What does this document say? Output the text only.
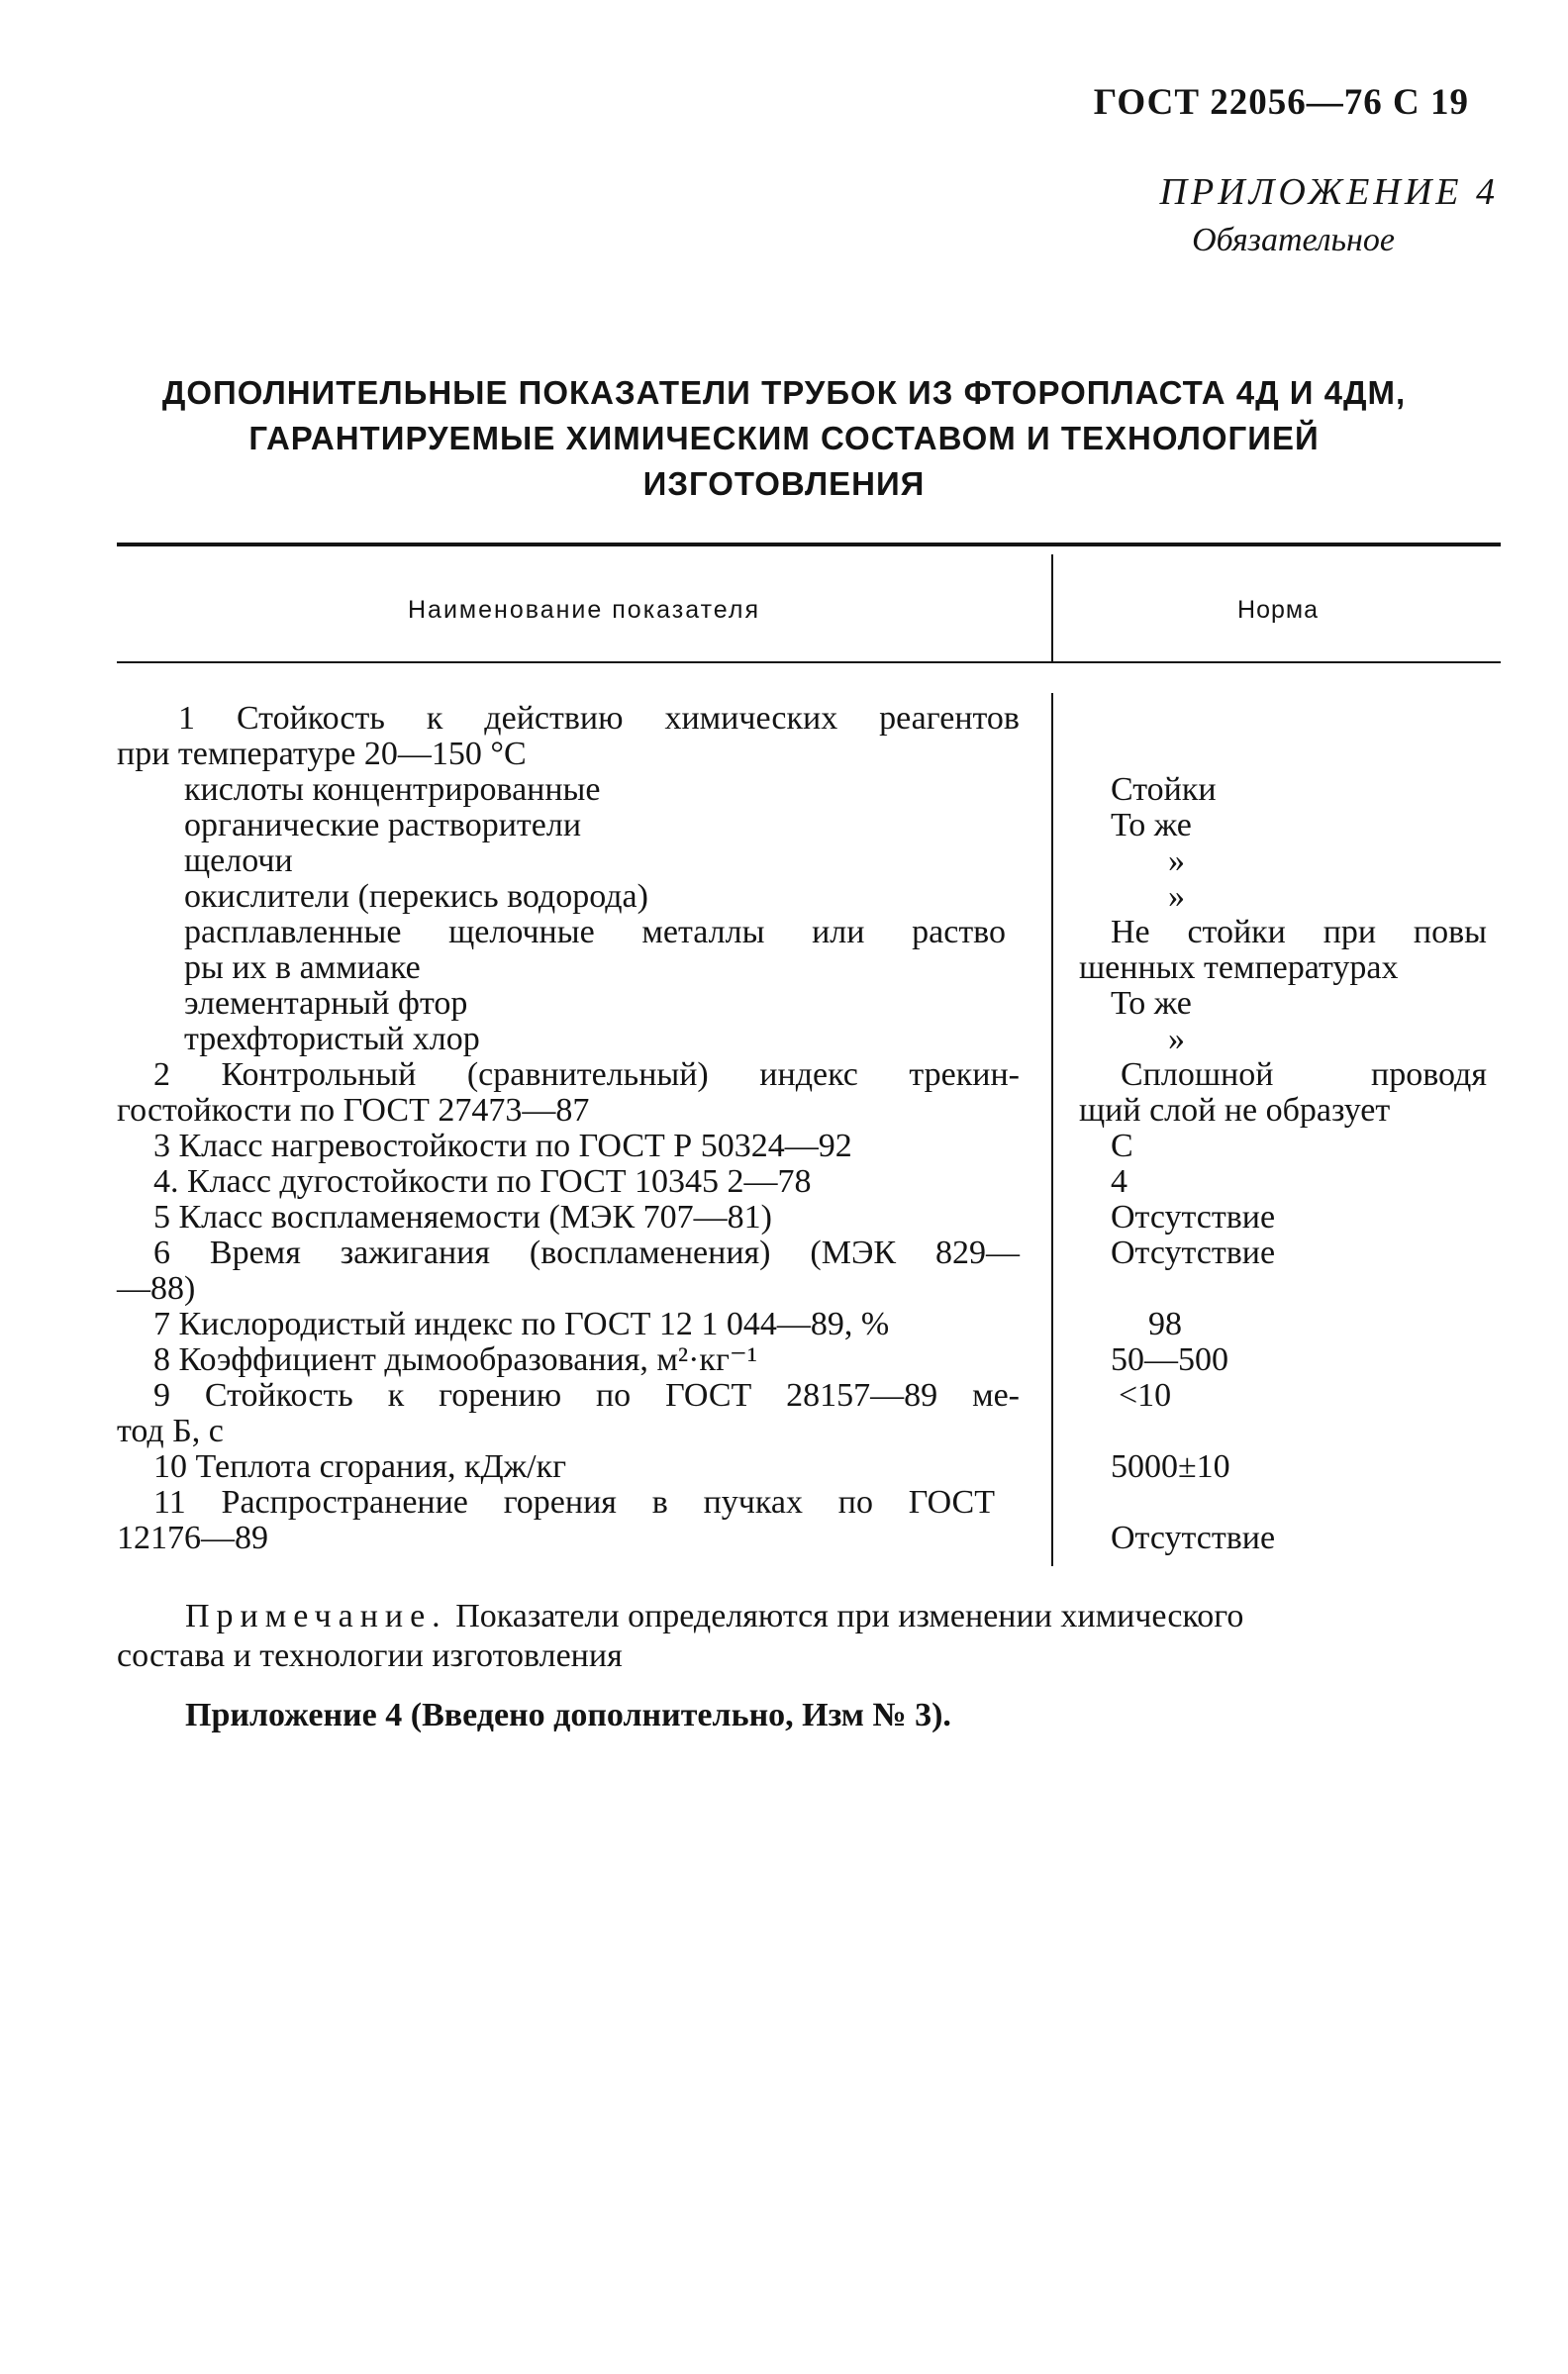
ГОСТ 22056—76 С 19
ПРИЛОЖЕНИЕ 4
Обязательное
ДОПОЛНИТЕЛЬНЫЕ ПОКАЗАТЕЛИ ТРУБОК ИЗ ФТОРОПЛАСТА 4Д И 4ДМ,
ГАРАНТИРУЕМЫЕ ХИМИЧЕСКИМ СОСТАВОМ И ТЕХНОЛОГИЕЙ
ИЗГОТОВЛЕНИЯ
Наименование показателя	Норма
1 Стойкость к действию химических реагентов
при температуре 20—150 °С
кислоты концентрированные
органические растворители
щелочи
окислители (перекись водорода)
расплавленные щелочные металлы или раство
ры их в аммиаке
элементарный фтор
трехфтористый хлор
2 Контрольный (сравнительный) индекс трекин-
гостойкости по ГОСТ 27473—87
3 Класс нагревостойкости по ГОСТ Р 50324—92
4. Класс дугостойкости по ГОСТ 10345 2—78
5 Класс воспламеняемости (МЭК 707—81)
6 Время зажигания (воспламенения) (МЭК 829—
—88)
7 Кислородистый индекс по ГОСТ 12 1 044—89, %
8 Коэффициент дымообразования, м²·кг⁻¹
9 Стойкость к горению по ГОСТ 28157—89 ме-
тод Б, с
10 Теплота сгорания, кДж/кг
11 Распространение горения в пучках по ГОСТ
12176—89
Стойки
То же
»
»
Не стойки при повы
шенных температурах
То же
»
Сплошной проводя
щий слой не образует
С
4
Отсутствие
Отсутствие
98
50—500
<10
5000±10
Отсутствие
Примечание. Показатели определяются при изменении химического
состава и технологии изготовления
Приложение 4 (Введено дополнительно, Изм № 3).
